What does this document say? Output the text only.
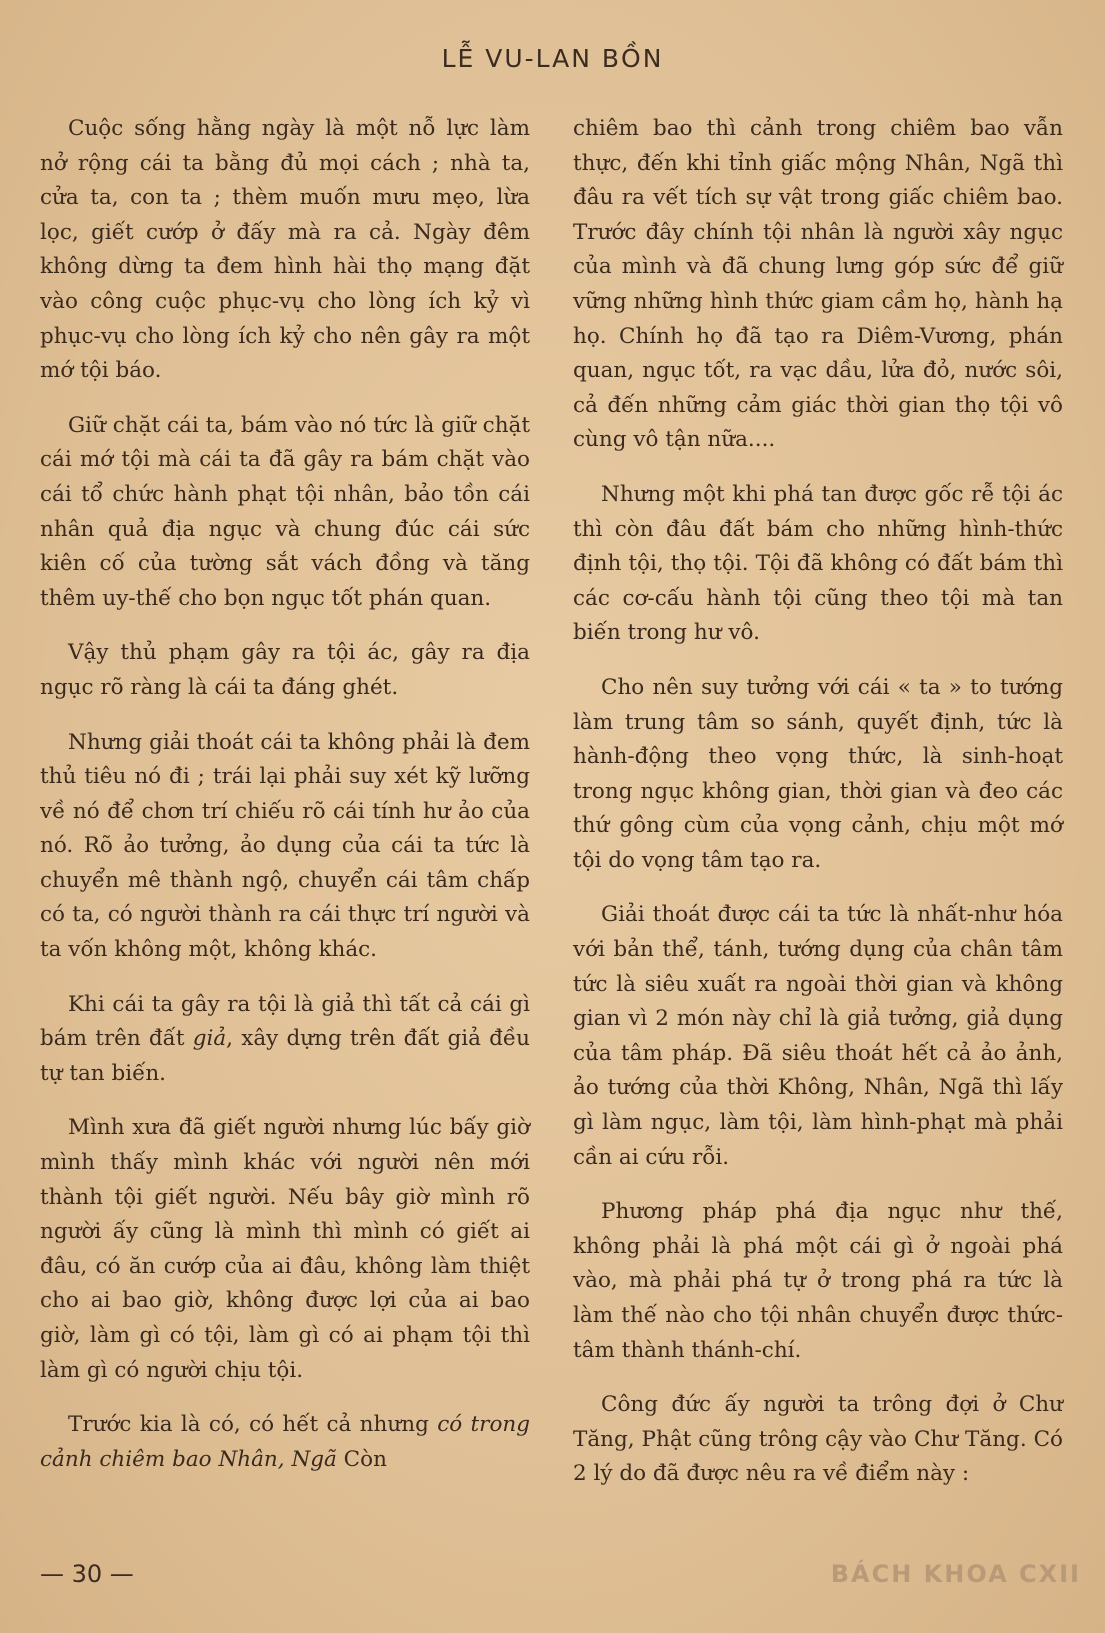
LỄ VU-LAN BỒN

Cuộc sống hằng ngày là một nỗ lực làm nở rộng cái ta bằng đủ mọi cách ; nhà ta, cửa ta, con ta ; thèm muốn mưu mẹo, lừa lọc, giết cướp ở đấy mà ra cả. Ngày đêm không dừng ta đem hình hài thọ mạng đặt vào công cuộc phục-vụ cho lòng ích kỷ vì phục-vụ cho lòng ích kỷ cho nên gây ra một mớ tội báo.

Giữ chặt cái ta, bám vào nó tức là giữ chặt cái mớ tội mà cái ta đã gây ra bám chặt vào cái tổ chức hành phạt tội nhân, bảo tồn cái nhân quả địa ngục và chung đúc cái sức kiên cố của tường sắt vách đồng và tăng thêm uy-thế cho bọn ngục tốt phán quan.

Vậy thủ phạm gây ra tội ác, gây ra địa ngục rõ ràng là cái ta đáng ghét.

Nhưng giải thoát cái ta không phải là đem thủ tiêu nó đi ; trái lại phải suy xét kỹ lưỡng về nó để chơn trí chiếu rõ cái tính hư ảo của nó. Rõ ảo tưởng, ảo dụng của cái ta tức là chuyển mê thành ngộ, chuyển cái tâm chấp có ta, có người thành ra cái thực trí người và ta vốn không một, không khác.

Khi cái ta gây ra tội là giả thì tất cả cái gì bám trên đất giả, xây dựng trên đất giả đều tự tan biến.

Mình xưa đã giết người nhưng lúc bấy giờ mình thấy mình khác với người nên mới thành tội giết người. Nếu bây giờ mình rõ người ấy cũng là mình thì mình có giết ai đâu, có ăn cướp của ai đâu, không làm thiệt cho ai bao giờ, không được lợi của ai bao giờ, làm gì có tội, làm gì có ai phạm tội thì làm gì có người chịu tội.

Trước kia là có, có hết cả nhưng có trong cảnh chiêm bao Nhân, Ngã Còn

chiêm bao thì cảnh trong chiêm bao vẫn thực, đến khi tỉnh giấc mộng Nhân, Ngã thì đâu ra vết tích sự vật trong giấc chiêm bao. Trước đây chính tội nhân là người xây ngục của mình và đã chung lưng góp sức để giữ vững những hình thức giam cầm họ, hành hạ họ. Chính họ đã tạo ra Diêm-Vương, phán quan, ngục tốt, ra vạc dầu, lửa đỏ, nước sôi, cả đến những cảm giác thời gian thọ tội vô cùng vô tận nữa....

Nhưng một khi phá tan được gốc rễ tội ác thì còn đâu đất bám cho những hình-thức định tội, thọ tội. Tội đã không có đất bám thì các cơ-cấu hành tội cũng theo tội mà tan biến trong hư vô.

Cho nên suy tưởng với cái « ta » to tướng làm trung tâm so sánh, quyết định, tức là hành-động theo vọng thức, là sinh-hoạt trong ngục không gian, thời gian và đeo các thứ gông cùm của vọng cảnh, chịu một mớ tội do vọng tâm tạo ra.

Giải thoát được cái ta tức là nhất-như hóa với bản thể, tánh, tướng dụng của chân tâm tức là siêu xuất ra ngoài thời gian và không gian vì 2 món này chỉ là giả tưởng, giả dụng của tâm pháp. Đã siêu thoát hết cả ảo ảnh, ảo tướng của thời Không, Nhân, Ngã thì lấy gì làm ngục, làm tội, làm hình-phạt mà phải cần ai cứu rỗi.

Phương pháp phá địa ngục như thế, không phải là phá một cái gì ở ngoài phá vào, mà phải phá tự ở trong phá ra tức là làm thế nào cho tội nhân chuyển được thức-tâm thành thánh-chí.

Công đức ấy người ta trông đợi ở Chư Tăng, Phật cũng trông cậy vào Chư Tăng. Có 2 lý do đã được nêu ra về điểm này :

— 30 —	BÁCH KHOA CXII
